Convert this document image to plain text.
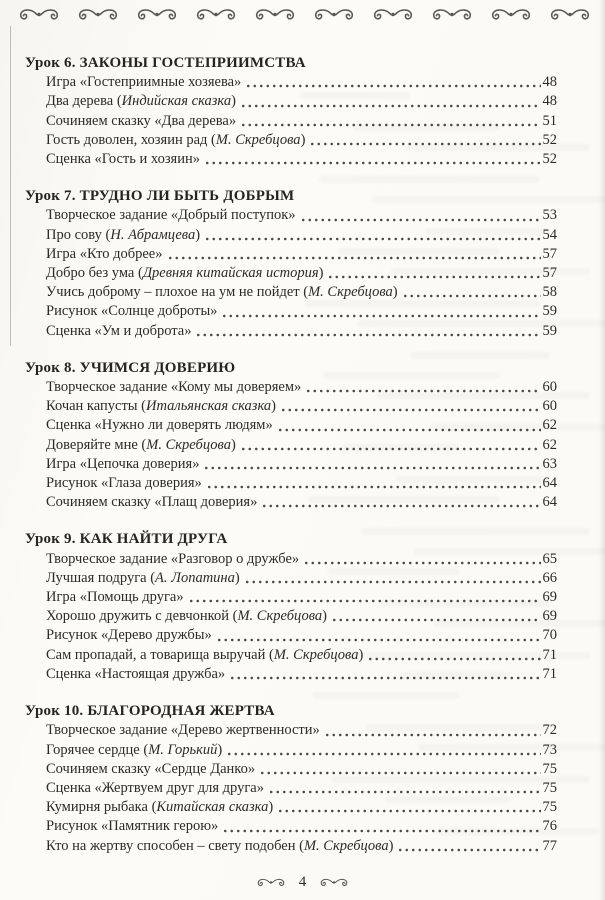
Урок 6. ЗАКОНЫ ГОСТЕПРИИМСТВА
Игра «Гостеприимные хозяева»	48
Два дерева (Индийская сказка)	48
Сочиняем сказку «Два дерева»	51
Гость доволен, хозяин рад (М. Скребцова)	52
Сценка «Гость и хозяин»	52
Урок 7. ТРУДНО ЛИ БЫТЬ ДОБРЫМ
Творческое задание «Добрый поступок»	53
Про сову (Н. Абрамцева)	54
Игра «Кто добрее»	57
Добро без ума (Древняя китайская история)	57
Учись доброму – плохое на ум не пойдет (М. Скребцова)	58
Рисунок «Солнце доброты»	59
Сценка «Ум и доброта»	59
Урок 8. УЧИМСЯ ДОВЕРИЮ
Творческое задание «Кому мы доверяем»	60
Кочан капусты (Итальянская сказка)	60
Сценка «Нужно ли доверять людям»	62
Доверяйте мне (М. Скребцова)	62
Игра «Цепочка доверия»	63
Рисунок «Глаза доверия»	64
Сочиняем сказку «Плащ доверия»	64
Урок 9. КАК НАЙТИ ДРУГА
Творческое задание «Разговор о дружбе»	65
Лучшая подруга (А. Лопатина)	66
Игра «Помощь друга»	69
Хорошо дружить с девчонкой (М. Скребцова)	69
Рисунок «Дерево дружбы»	70
Сам пропадай, а товарища выручай (М. Скребцова)	71
Сценка «Настоящая дружба»	71
Урок 10. БЛАГОРОДНАЯ ЖЕРТВА
Творческое задание «Дерево жертвенности»	72
Горячее сердце (М. Горький)	73
Сочиняем сказку «Сердце Данко»	75
Сценка «Жертвуем друг для друга»	75
Кумирня рыбака (Китайская сказка)	75
Рисунок «Памятник герою»	76
Кто на жертву способен – свету подобен (М. Скребцова)	77
4
